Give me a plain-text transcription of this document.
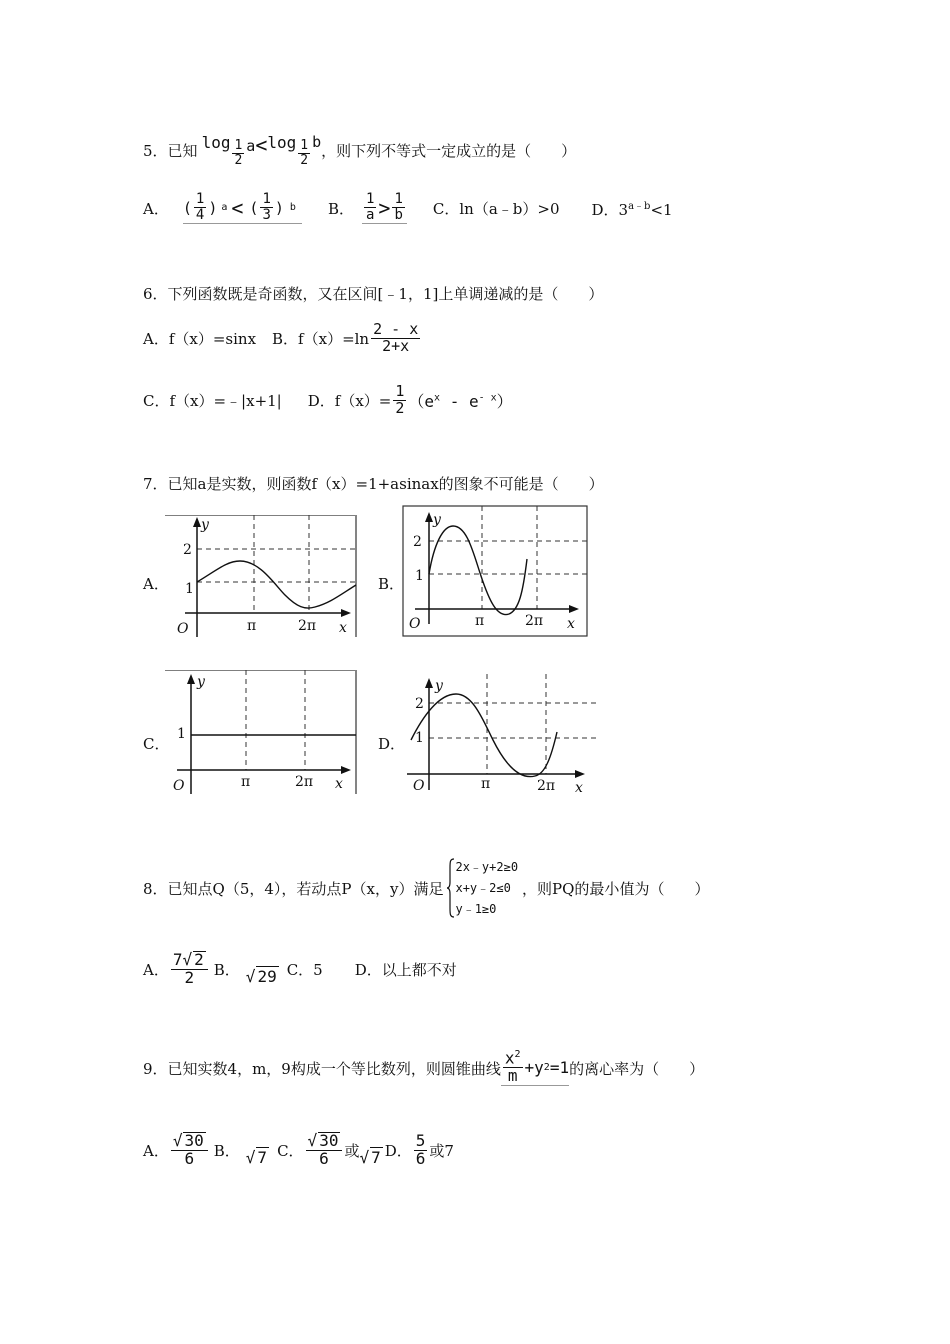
5． 已知 log 1
2
a < log 1
2
b ，则下列不等式一定成立的是（　　）
A． ( 1
4 ) a < ( 1
3 ) b B．
1
a > 1
b C．ln（a﹣b）>0 D．$3^{a﹣b}<1$
6．下列函数既是奇函数，又在区间[﹣1，1]上单调递减的是（　　）
A．f（x）=sinx B．f（x）=ln
2 - x
2+x
C．f（x）=﹣|x+1| D．$f(x)= \frac{1}{2} (e^x - e^{- x})$
7．已知a是实数，则函数f（x）=1+asinax的图象不可能是（　　）
A．	B．
C．	D．
y
2
1
O	π	2π x
y
2
1
O	π	2π x
y
1
O	π	2π x
y
2
1
O	π	2π x
8．已知点Q（5，4），若动点P（x，y）满足
2x﹣y+2≥0
x+y﹣2≤0
y﹣1≥0
，则PQ的最小值为（　　）
A．
7√ 2
2 B． √ 29 C．5 D．以上都不对
9．已知实数4，m，9构成一个等比数列，则圆锥曲线
$x^2$
m +y 2 =1 的离心率为（　　）
A．
√ 30
6 B． √ 7 C．
√ 30
6 或 √ 7 D．
5
6 或7
